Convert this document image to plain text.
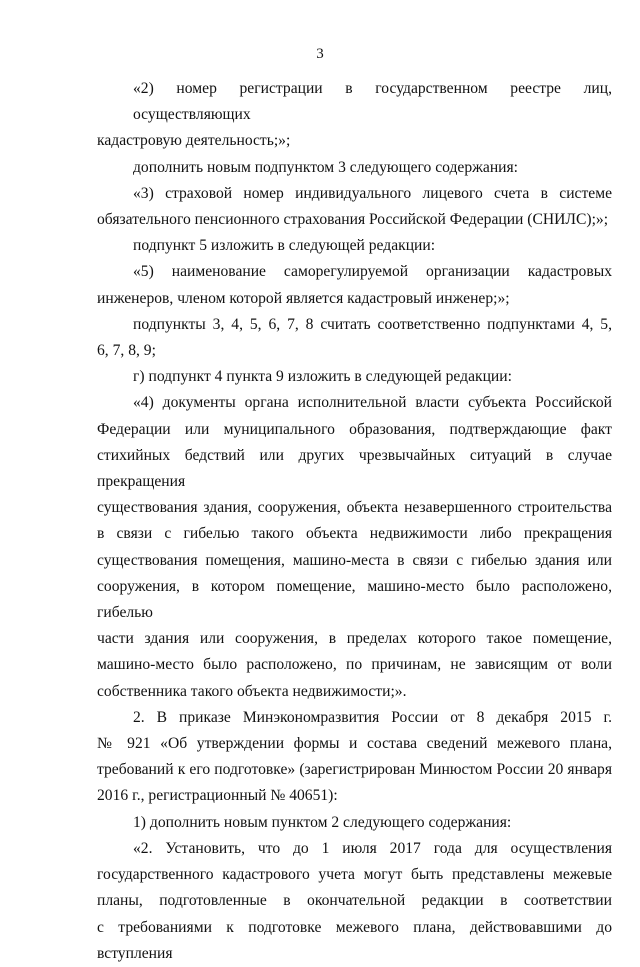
3
«2) номер регистрации в государственном реестре лиц, осуществляющих
кадастровую деятельность;»;
дополнить новым подпунктом 3 следующего содержания:
«3) страховой номер индивидуального лицевого счета в системе
обязательного пенсионного страхования Российской Федерации (СНИЛС);»;
подпункт 5 изложить в следующей редакции:
«5) наименование саморегулируемой организации кадастровых
инженеров, членом которой является кадастровый инженер;»;
подпункты 3, 4, 5, 6, 7, 8 считать соответственно подпунктами 4, 5,
6, 7, 8, 9;
г) подпункт 4 пункта 9 изложить в следующей редакции:
«4) документы органа исполнительной власти субъекта Российской
Федерации или муниципального образования, подтверждающие факт
стихийных бедствий или других чрезвычайных ситуаций в случае прекращения
существования здания, сооружения, объекта незавершенного строительства
в связи с гибелью такого объекта недвижимости либо прекращения
существования помещения, машино-места в связи с гибелью здания или
сооружения, в котором помещение, машино-место было расположено, гибелью
части здания или сооружения, в пределах которого такое помещение,
машино-место было расположено, по причинам, не зависящим от воли
собственника такого объекта недвижимости;».
2. В приказе Минэкономразвития России от 8 декабря 2015 г.
№ 921 «Об утверждении формы и состава сведений межевого плана,
требований к его подготовке» (зарегистрирован Минюстом России 20 января
2016 г., регистрационный № 40651):
1) дополнить новым пунктом 2 следующего содержания:
«2. Установить, что до 1 июля 2017 года для осуществления
государственного кадастрового учета могут быть представлены межевые
планы, подготовленные в окончательной редакции в соответствии
с требованиями к подготовке межевого плана, действовавшими до вступления
